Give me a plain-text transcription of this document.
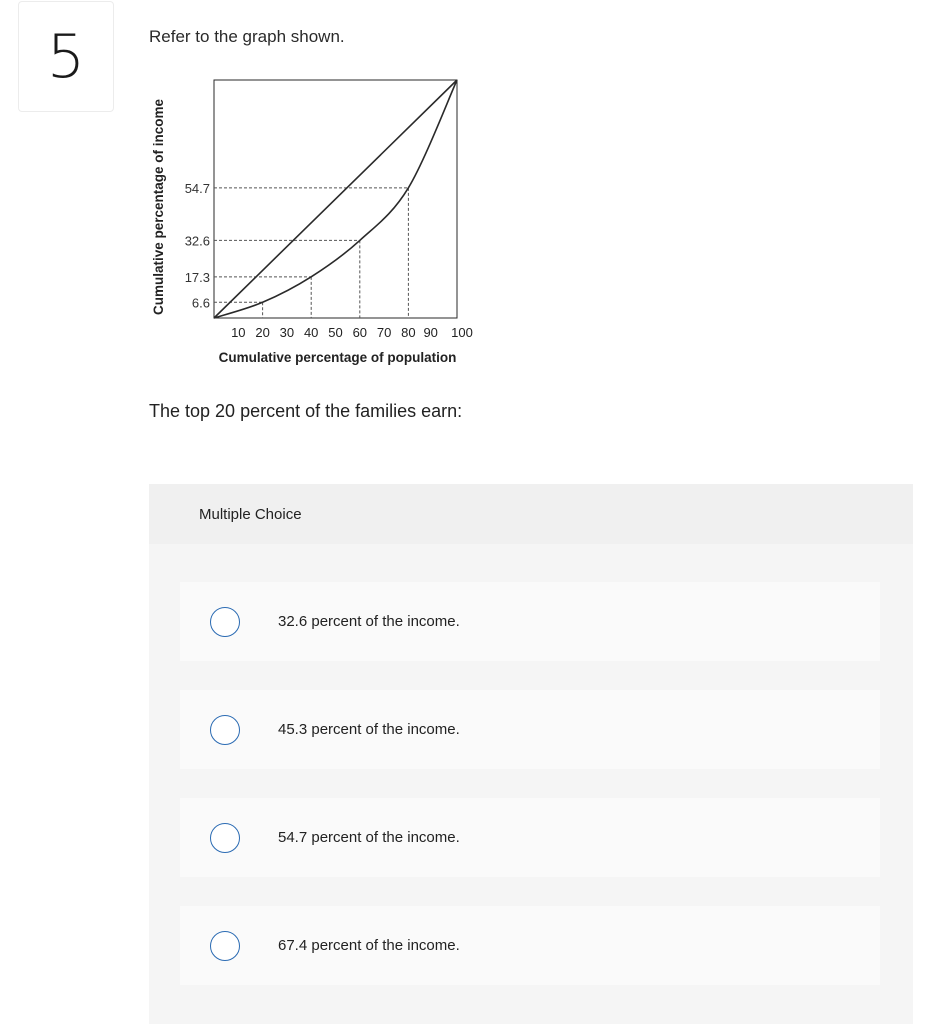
5	Refer to the graph shown.
6.6
17.3
32.6
54.7
10 20 30 40 50 60 70 80 90 100
Cumulative percentage of population
Cumulative percentage of income
The top 20 percent of the families earn:
Multiple Choice
32.6 percent of the income.
45.3 percent of the income.
54.7 percent of the income.
67.4 percent of the income.
